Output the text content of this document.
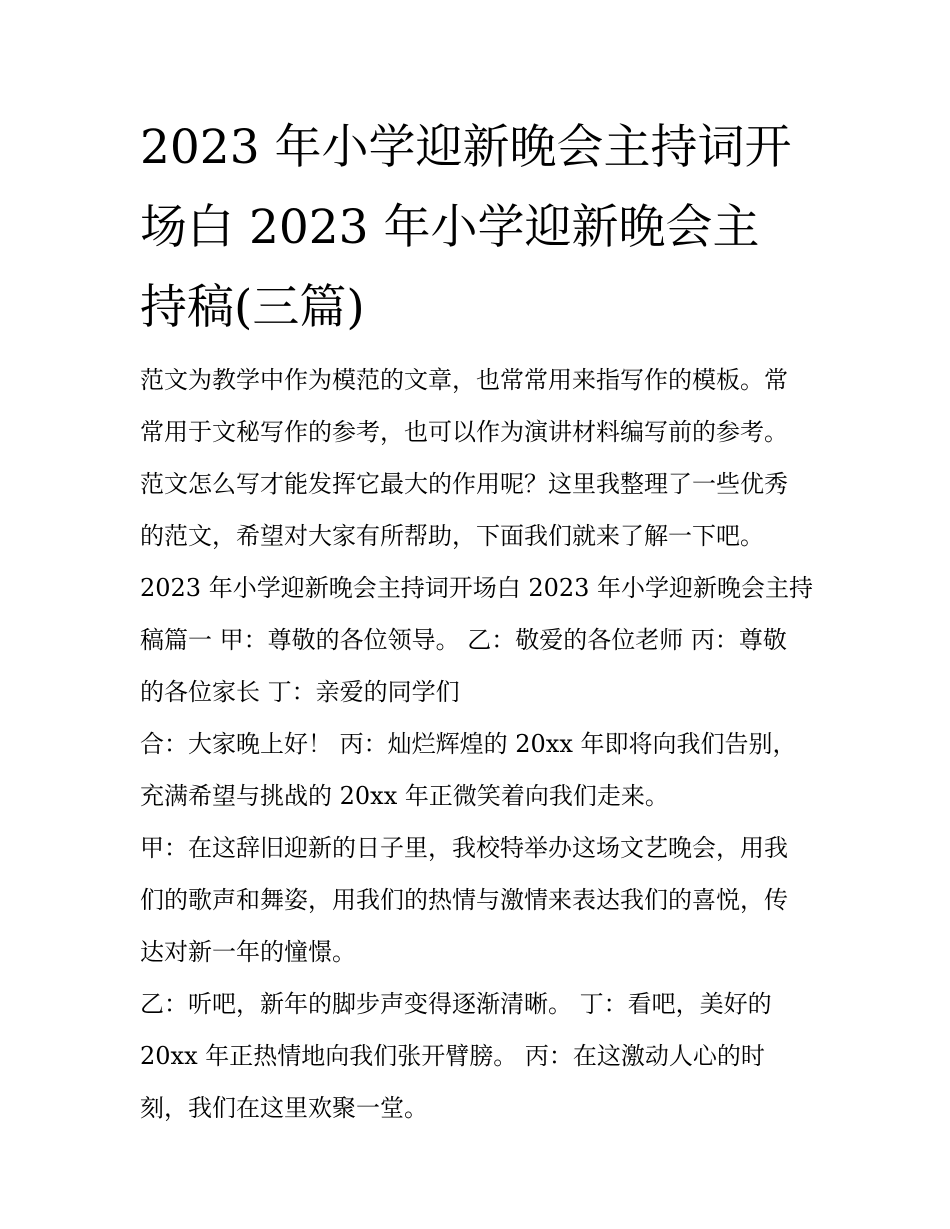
2023 年小学迎新晚会主持词开
场白 2023 年小学迎新晚会主
持稿(三篇)
范文为教学中作为模范的文章，也常常用来指写作的模板。常
常用于文秘写作的参考，也可以作为演讲材料编写前的参考。
范文怎么写才能发挥它最大的作用呢？这里我整理了一些优秀
的范文，希望对大家有所帮助，下面我们就来了解一下吧。
2023 年小学迎新晚会主持词开场白 2023 年小学迎新晚会主持
稿篇一 甲：尊敬的各位领导。 乙：敬爱的各位老师 丙：尊敬
的各位家长 丁：亲爱的同学们
合：大家晚上好！ 丙：灿烂辉煌的 20xx 年即将向我们告别，
充满希望与挑战的 20xx 年正微笑着向我们走来。
甲：在这辞旧迎新的日子里，我校特举办这场文艺晚会，用我
们的歌声和舞姿，用我们的热情与激情来表达我们的喜悦，传
达对新一年的憧憬。
乙：听吧，新年的脚步声变得逐渐清晰。 丁：看吧，美好的
20xx 年正热情地向我们张开臂膀。 丙：在这激动人心的时
刻，我们在这里欢聚一堂。
